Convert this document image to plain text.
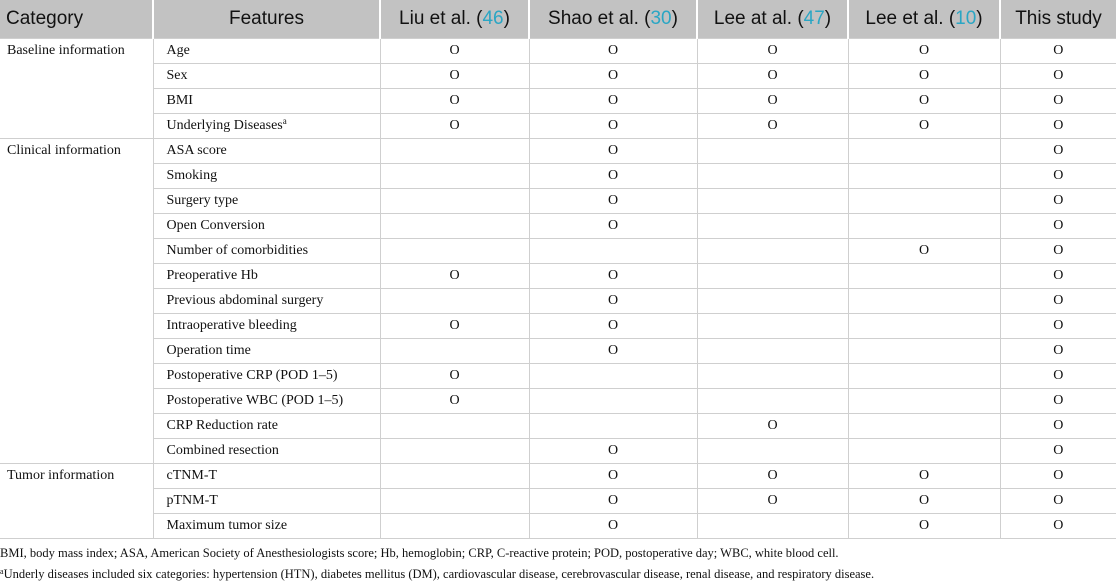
Category	Features	Liu et al. (46)	Shao et al. (30)	Lee at al. (47)	Lee et al. (10)	This study
Baseline information	Age	O	O	O	O	O
	Sex	O	O	O	O	O
	BMI	O	O	O	O	O
	Underlying Diseases$^a$	O	O	O	O	O
Clinical information	ASA score		O			O
	Smoking		O			O
	Surgery type		O			O
	Open Conversion		O			O
	Number of comorbidities				O	O
	Preoperative Hb	O	O			O
	Previous abdominal surgery		O			O
	Intraoperative bleeding	O	O			O
	Operation time		O			O
	Postoperative CRP (POD 1–5)	O				O
	Postoperative WBC (POD 1–5)	O				O
	CRP Reduction rate			O		O
	Combined resection		O			O
Tumor information	cTNM-T		O	O	O	O
	pTNM-T		O	O	O	O
	Maximum tumor size		O		O	O
BMI, body mass index; ASA, American Society of Anesthesiologists score; Hb, hemoglobin; CRP, C-reactive protein; POD, postoperative day; WBC, white blood cell.
$^a$Underly diseases included six categories: hypertension (HTN), diabetes mellitus (DM), cardiovascular disease, cerebrovascular disease, renal disease, and respiratory disease.
